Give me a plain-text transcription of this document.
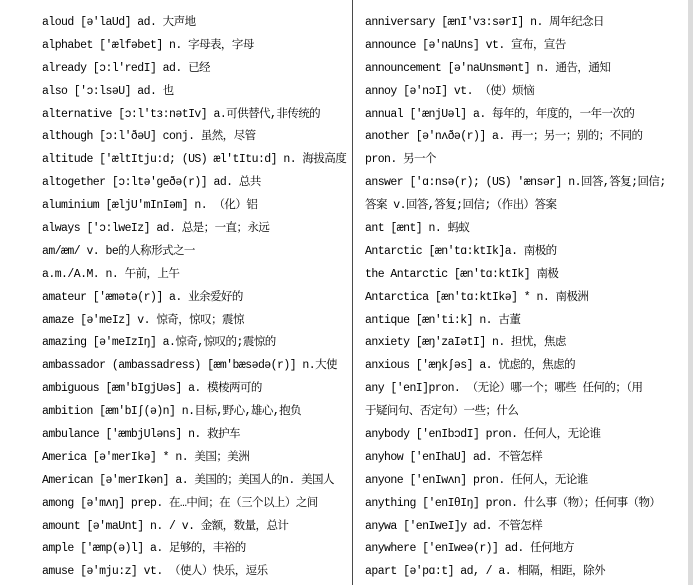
aloud [ə'laUd] ad. 大声地
alphabet ['ælfəbet] n. 字母表，字母
already [ɔ:l'redI] ad. 已经
also ['ɔ:lsəU] ad. 也
alternative [ɔ:l'tɜ:nətIv] a.可供替代,非传统的
although [ɔ:l'ðəU] conj. 虽然，尽管
altitude ['æltItju:d; (US) æl'tItu:d] n. 海拔高度
altogether [ɔ:ltə'geðə(r)] ad. 总共
aluminium [æljU'mInIəm] n. （化）铝
always ['ɔ:lweIz] ad. 总是；一直；永远
am/æm/ v. be的人称形式之一
a.m./A.M. n. 午前，上午
amateur ['æmətə(r)] a. 业余爱好的
amaze [ə'meIz] v. 惊奇，惊叹；震惊
amazing [ə'meIzIŋ] a.惊奇,惊叹的;震惊的
ambassador (ambassadress) [æm'bæsədə(r)] n.大使
ambiguous [æm'bIgjUəs] a. 模棱两可的
ambition [æm'bIʃ(ə)n] n.目标,野心,雄心,抱负
ambulance ['æmbjUləns] n. 救护车
America [ə'merIkə] * n. 美国；美洲
American [ə'merIkən] a. 美国的；美国人的n. 美国人
among [ə'mʌŋ] prep. 在…中间；在（三个以上）之间
amount [ə'maUnt] n. / v. 金额，数量，总计
ample ['æmp(ə)l] a. 足够的，丰裕的
amuse [ə'mju:z] vt. （使人）快乐，逗乐
anniversary [ænI'vɜ:sərI] n. 周年纪念日
announce [ə'naUns] vt. 宣布，宣告
announcement [ə'naUnsmənt] n. 通告，通知
annoy [ə'nɔI] vt. （使）烦恼
annual ['ænjUəl] a. 每年的，年度的，一年一次的
another [ə'nʌðə(r)] a. 再一；另一；别的；不同的
pron. 另一个
answer ['ɑ:nsə(r); (US) 'ænsər] n.回答,答复;回信;
答案 v.回答,答复;回信;（作出）答案
ant [ænt] n. 蚂蚁
Antarctic [æn'tɑ:ktIk]a. 南极的
the Antarctic [æn'tɑ:ktIk] 南极
Antarctica [æn'tɑ:ktIkə] * n. 南极洲
antique [æn'ti:k] n. 古董
anxiety [æŋ'zaIətI] n. 担忧，焦虑
anxious ['æŋkʃəs] a. 忧虑的，焦虑的
any ['enI]pron. （无论）哪一个；哪些 任何的；（用
于疑问句、否定句）一些；什么
anybody ['enIbɔdI] pron. 任何人，无论谁
anyhow ['enIhaU] ad. 不管怎样
anyone ['enIwʌn] pron. 任何人，无论谁
anything ['enIθIŋ] pron. 什么事（物）；任何事（物）
anywa ['enIweI]y ad. 不管怎样
anywhere ['enIweə(r)] ad. 任何地方
apart [ə'pɑ:t] ad, / a. 相隔，相距，除外
